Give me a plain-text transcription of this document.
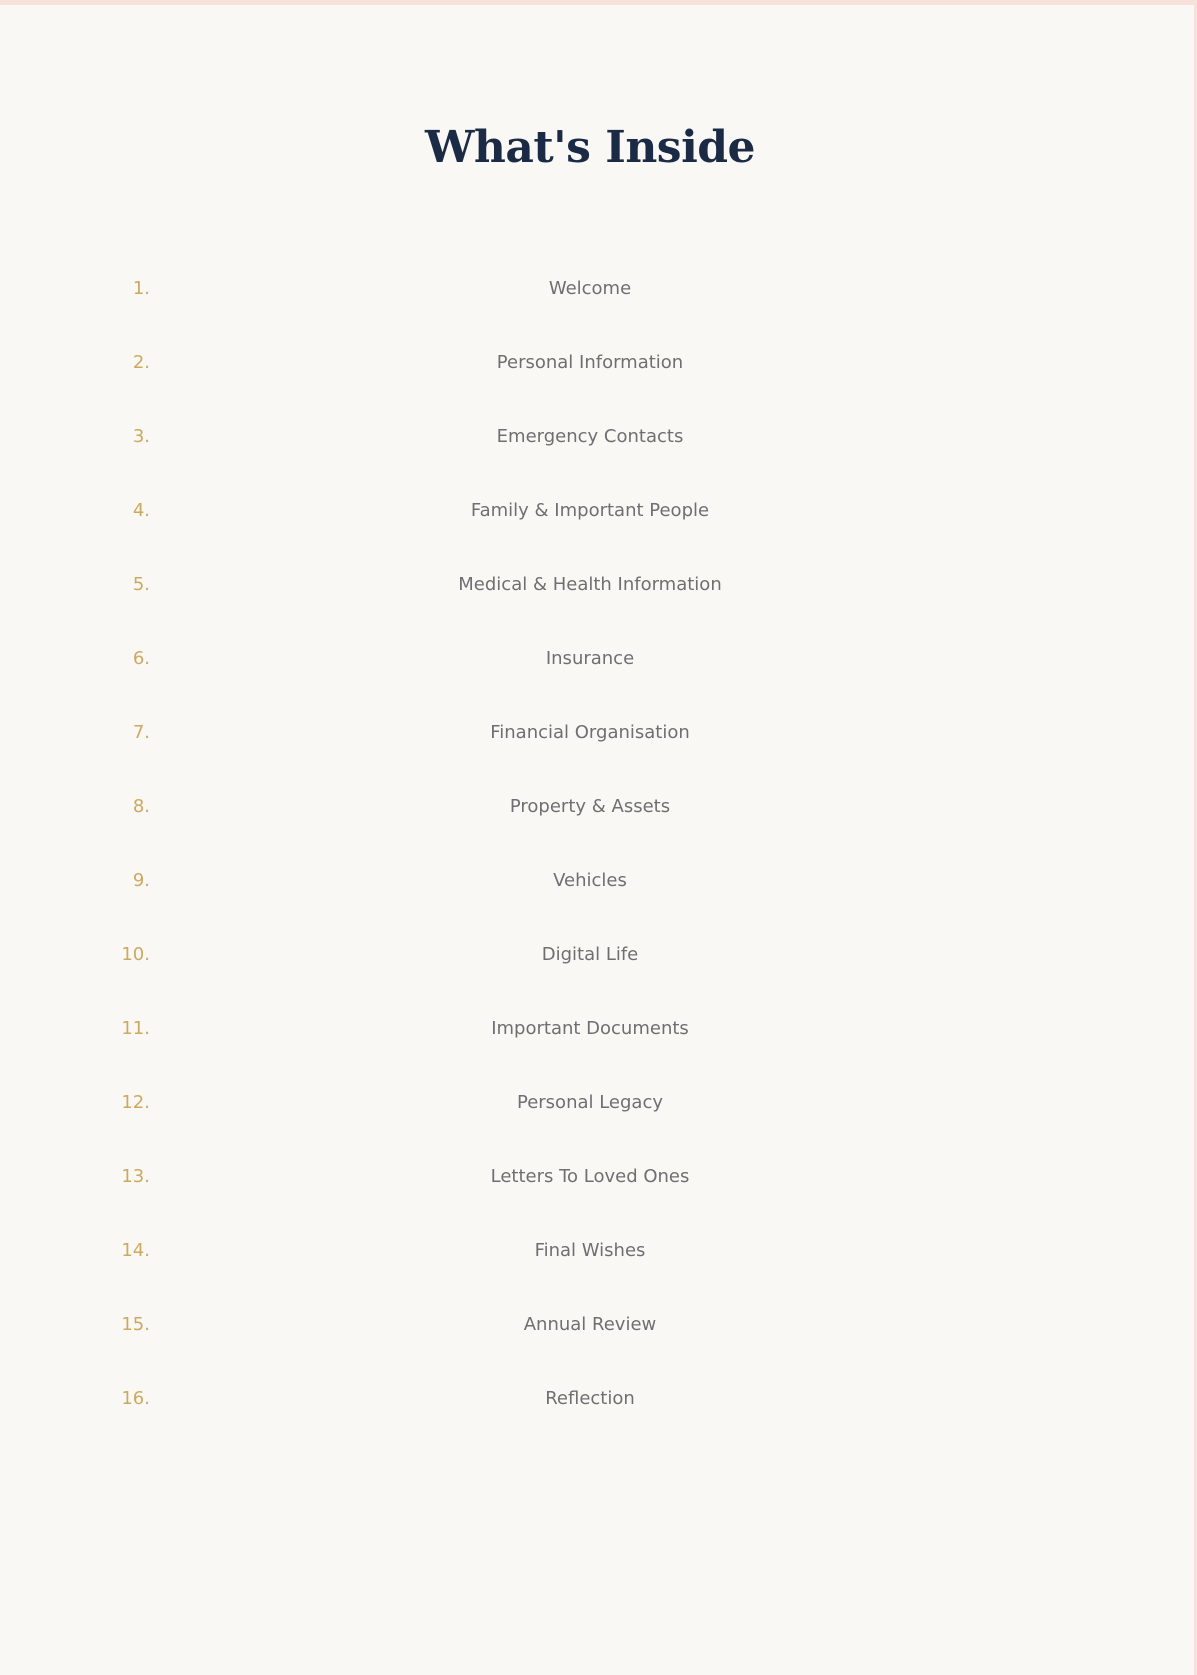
What's Inside
1.	Welcome
2.	Personal Information
3.	Emergency Contacts
4.	Family & Important People
5.	Medical & Health Information
6.	Insurance
7.	Financial Organisation
8.	Property & Assets
9.	Vehicles
10.	Digital Life
11.	Important Documents
12.	Personal Legacy
13.	Letters To Loved Ones
14.	Final Wishes
15.	Annual Review
16.	Reflection
